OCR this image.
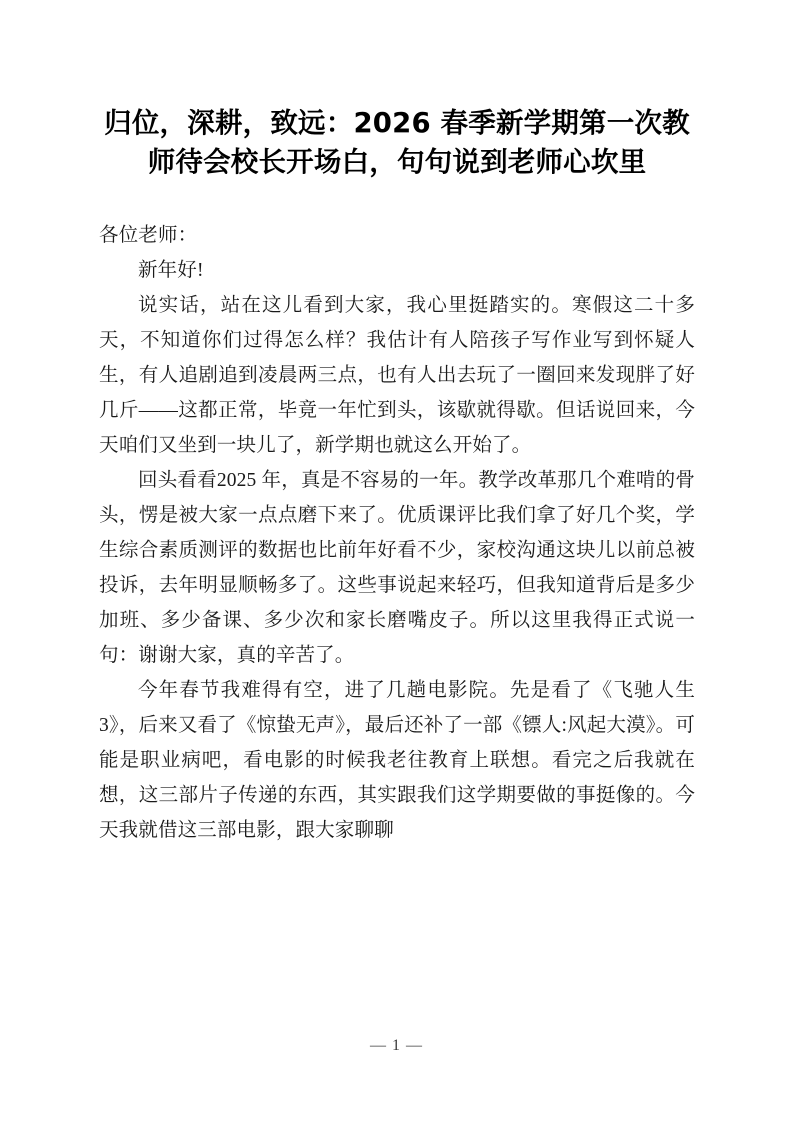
归位，深耕，致远：2026 春季新学期第一次教师待会校长开场白，句句说到老师心坎里

各位老师：

新年好!

说实话，站在这儿看到大家，我心里挺踏实的。寒假这二十多天，不知道你们过得怎么样？我估计有人陪孩子写作业写到怀疑人生，有人追剧追到凌晨两三点，也有人出去玩了一圈回来发现胖了好几斤——这都正常，毕竟一年忙到头，该歇就得歇。但话说回来，今天咱们又坐到一块儿了，新学期也就这么开始了。

回头看看2025 年，真是不容易的一年。教学改革那几个难啃的骨头，愣是被大家一点点磨下来了。优质课评比我们拿了好几个奖，学生综合素质测评的数据也比前年好看不少，家校沟通这块儿以前总被投诉，去年明显顺畅多了。这些事说起来轻巧，但我知道背后是多少加班、多少备课、多少次和家长磨嘴皮子。所以这里我得正式说一句：谢谢大家，真的辛苦了。

今年春节我难得有空，进了几趟电影院。先是看了《飞驰人生3》，后来又看了《惊蛰无声》，最后还补了一部《镖人:风起大漠》。可能是职业病吧，看电影的时候我老往教育上联想。看完之后我就在想，这三部片子传递的东西，其实跟我们这学期要做的事挺像的。今天我就借这三部电影，跟大家聊聊

— 1 —
